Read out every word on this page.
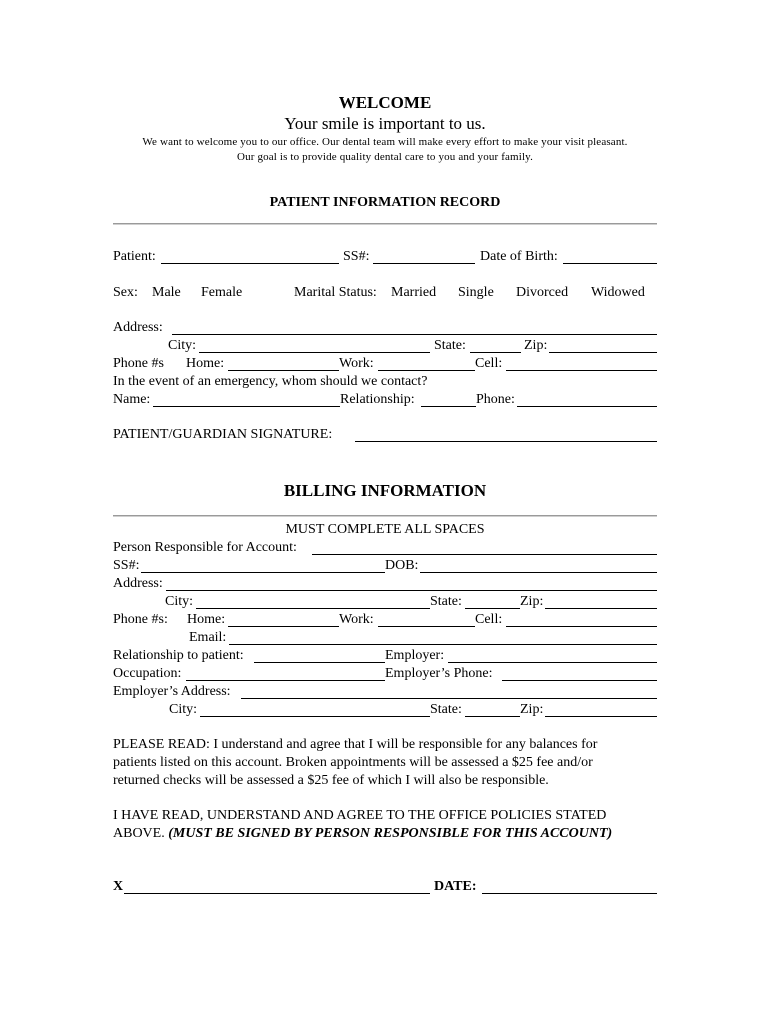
WELCOME
Your smile is important to us.
We want to welcome you to our office. Our dental team will make every effort to make your visit pleasant.
Our goal is to provide quality dental care to you and your family.
PATIENT INFORMATION RECORD
Patient:	SS#:	Date of Birth:
Sex: Male Female	Marital Status: Married Single Divorced Widowed
Address:
City:	State:	Zip:
Phone #s Home:	Work:	Cell:
In the event of an emergency, whom should we contact?
Name:	Relationship:	Phone:
PATIENT/GUARDIAN SIGNATURE:
BILLING INFORMATION
MUST COMPLETE ALL SPACES
Person Responsible for Account:
SS#:	DOB:
Address:
City:	State:	Zip:
Phone #s: Home:	Work:	Cell:
Email:
Relationship to patient:	Employer:
Occupation:	Employer’s Phone:
Employer’s Address:
City:	State:	Zip:
PLEASE READ: I understand and agree that I will be responsible for any balances for
patients listed on this account. Broken appointments will be assessed a $25 fee and/or
returned checks will be assessed a $25 fee of which I will also be responsible.
I HAVE READ, UNDERSTAND AND AGREE TO THE OFFICE POLICIES STATED
ABOVE. (MUST BE SIGNED BY PERSON RESPONSIBLE FOR THIS ACCOUNT)
X	DATE:
